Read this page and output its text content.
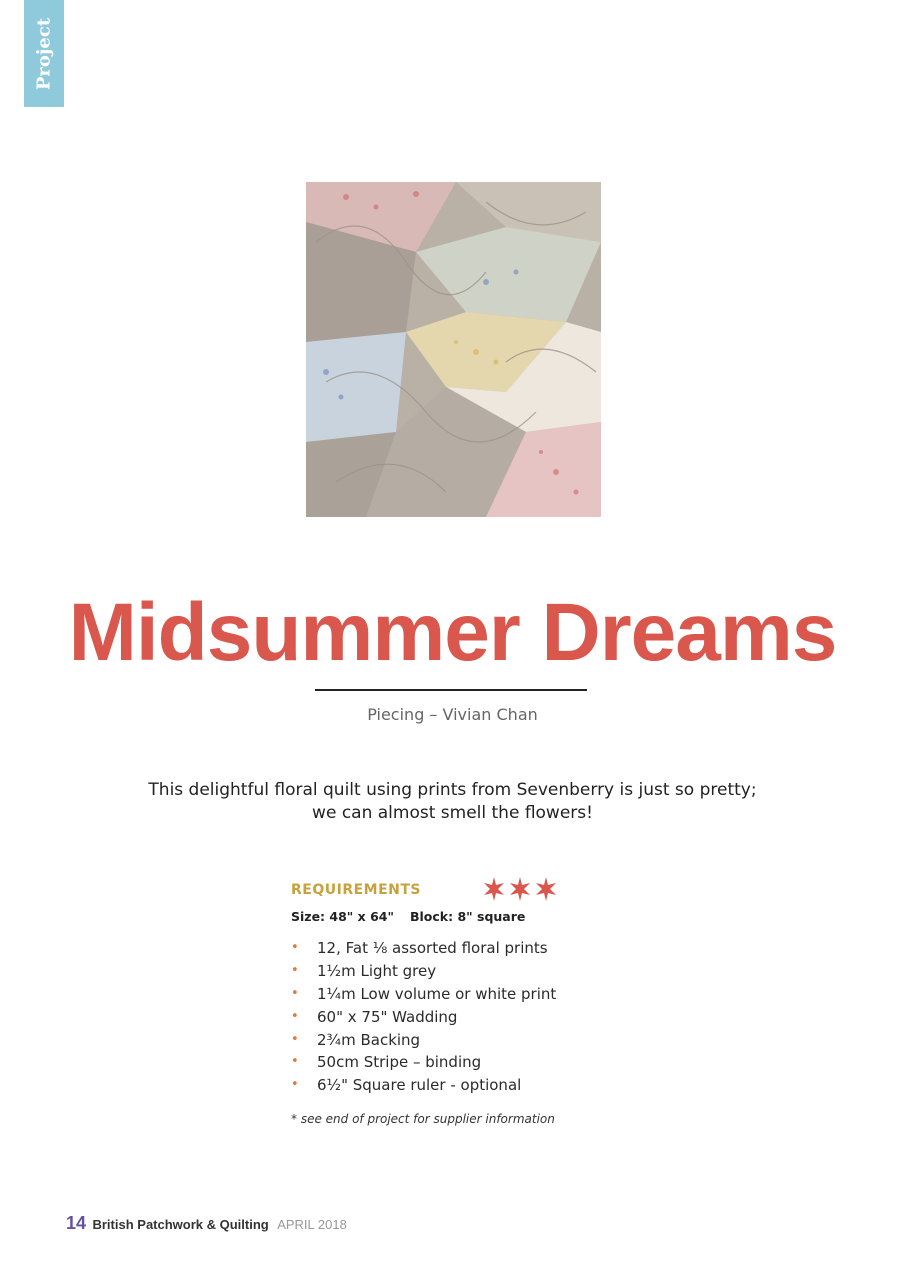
Project
Midsummer Dreams
Piecing – Vivian Chan
This delightful floral quilt using prints from Sevenberry is just so pretty;
we can almost smell the flowers!
REQUIREMENTS
Size: 48" x 64" Block: 8" square
• 12, Fat ⅛ assorted floral prints
• 1½m Light grey
• 1¼m Low volume or white print
• 60" x 75" Wadding
• 2¾m Backing
• 50cm Stripe – binding
• 6½" Square ruler - optional
* see end of project for supplier information
14 British Patchwork & Quilting APRIL 2018
